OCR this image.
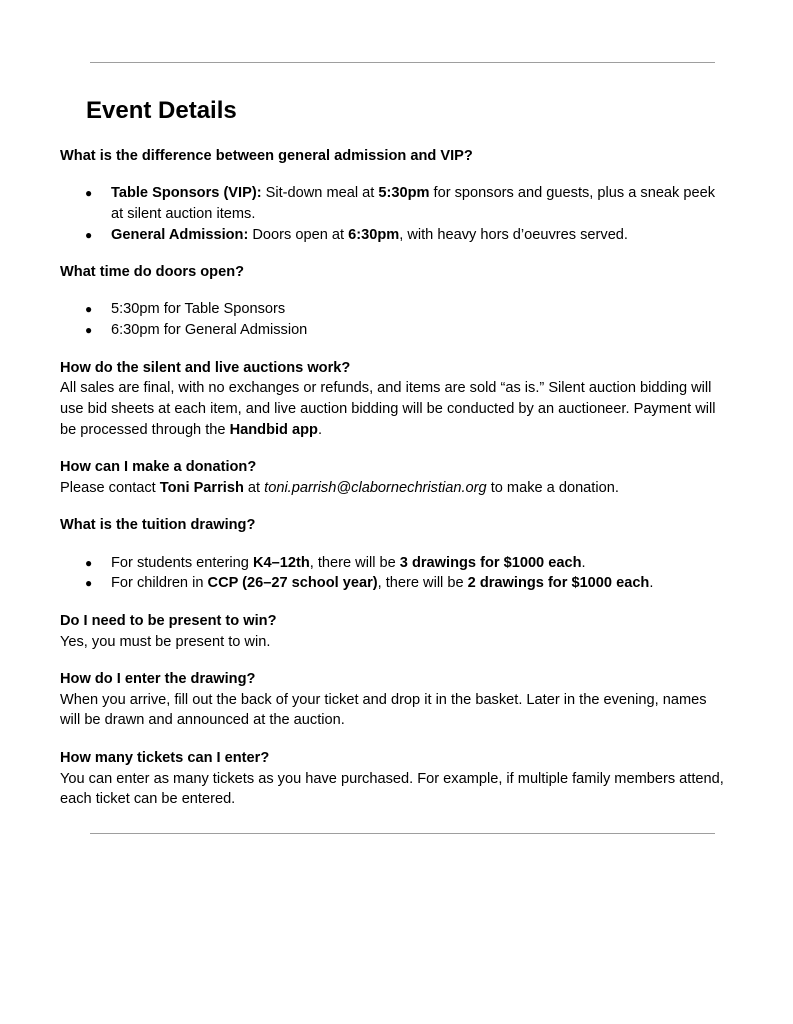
Event Details

What is the difference between general admission and VIP?

● Table Sponsors (VIP): Sit-down meal at 5:30pm for sponsors and guests, plus a sneak peek at silent auction items.
● General Admission: Doors open at 6:30pm, with heavy hors d’oeuvres served.

What time do doors open?

● 5:30pm for Table Sponsors
● 6:30pm for General Admission

How do the silent and live auctions work?

All sales are final, with no exchanges or refunds, and items are sold “as is.” Silent auction bidding will use bid sheets at each item, and live auction bidding will be conducted by an auctioneer. Payment will be processed through the Handbid app.

How can I make a donation?

Please contact Toni Parrish at toni.parrish@clabornechristian.org to make a donation.

What is the tuition drawing?

● For students entering K4–12th, there will be 3 drawings for $1000 each.
● For children in CCP (26–27 school year), there will be 2 drawings for $1000 each.

Do I need to be present to win?

Yes, you must be present to win.

How do I enter the drawing?

When you arrive, fill out the back of your ticket and drop it in the basket. Later in the evening, names will be drawn and announced at the auction.

How many tickets can I enter?

You can enter as many tickets as you have purchased. For example, if multiple family members attend, each ticket can be entered.
